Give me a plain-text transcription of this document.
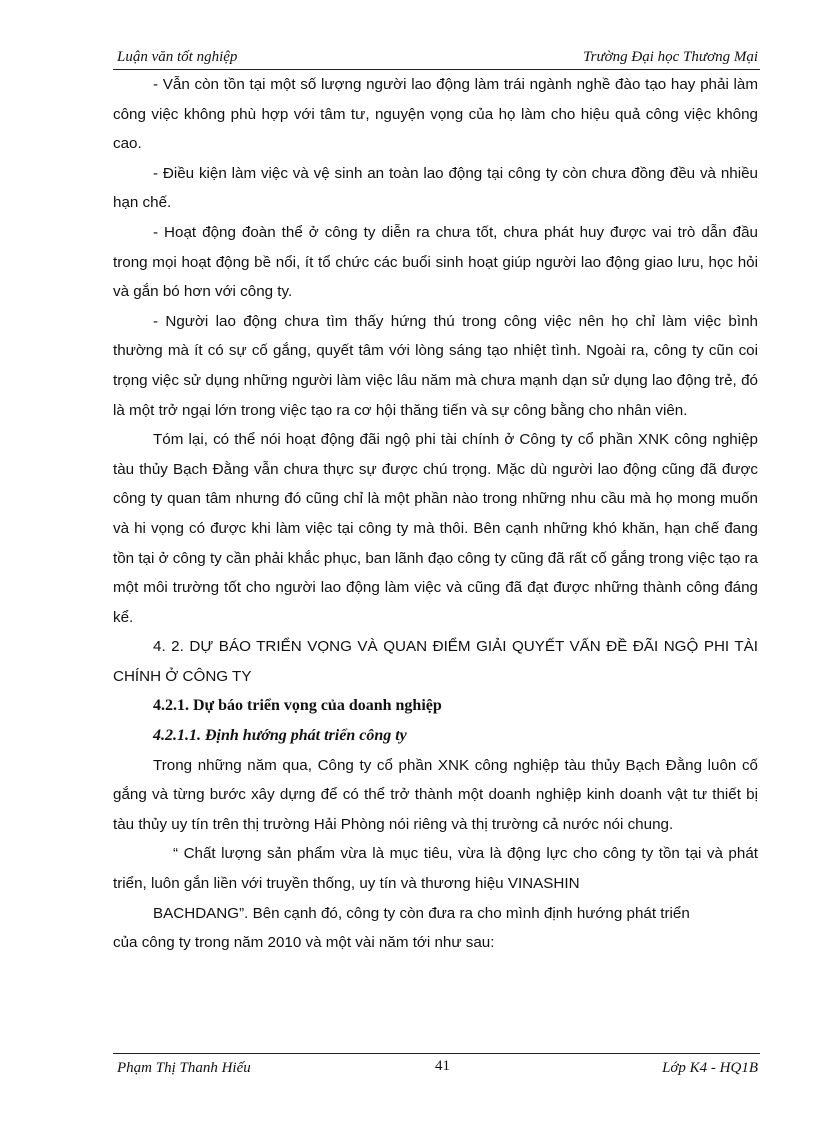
Luận văn tốt nghiệp	Trường Đại học Thương Mại

- Vẫn còn tồn tại một số lượng người lao động làm trái ngành nghề đào tạo hay phải làm công việc không phù hợp với tâm tư, nguyện vọng của họ làm cho hiệu quả công việc không cao.

- Điều kiện làm việc và vệ sinh an toàn lao động tại công ty còn chưa đồng đều và nhiều hạn chế.

- Hoạt động đoàn thể ở công ty diễn ra chưa tốt, chưa phát huy được vai trò dẫn đầu trong mọi hoạt động bề nổi, ít tổ chức các buổi sinh hoạt giúp người lao động giao lưu, học hỏi và gắn bó hơn với công ty.

- Người lao động chưa tìm thấy hứng thú trong công việc nên họ chỉ làm việc bình thường mà ít có sự cố gắng, quyết tâm với lòng sáng tạo nhiệt tình. Ngoài ra, công ty cũn coi trọng việc sử dụng những người làm việc lâu năm mà chưa mạnh dạn sử dụng lao động trẻ, đó là một trở ngại lớn trong việc tạo ra cơ hội thăng tiến và sự công bằng cho nhân viên.

Tóm lại, có thể nói hoạt động đãi ngộ phi tài chính ở Công ty cổ phần XNK công nghiệp tàu thủy Bạch Đằng vẫn chưa thực sự được chú trọng. Mặc dù người lao động cũng đã được công ty quan tâm nhưng đó cũng chỉ là một phần nào trong những nhu cầu mà họ mong muốn và hi vọng có được khi làm việc tại công ty mà thôi. Bên cạnh những khó khăn, hạn chế đang tồn tại ở công ty cần phải khắc phục, ban lãnh đạo công ty cũng đã rất cố gắng trong việc tạo ra một môi trường tốt cho người lao động làm việc và cũng đã đạt được những thành công đáng kể.

4. 2. DỰ BÁO TRIỂN VỌNG VÀ QUAN ĐIỂM GIẢI QUYẾT VẤN ĐỀ ĐÃI NGỘ PHI TÀI CHÍNH Ở CÔNG TY

4.2.1. Dự báo triển vọng của doanh nghiệp

4.2.1.1. Định hướng phát triển công ty

Trong những năm qua, Công ty cổ phần XNK công nghiệp tàu thủy Bạch Đằng luôn cố gắng và từng bước xây dựng để có thể trở thành một doanh nghiệp kinh doanh vật tư thiết bị tàu thủy uy tín trên thị trường Hải Phòng nói riêng và thị trường cả nước nói chung.

“ Chất lượng sản phẩm vừa là mục tiêu, vừa là động lực cho công ty tồn tại và phát triển, luôn gắn liền với truyền thống, uy tín và thương hiệu VINASHIN

BACHDANG”. Bên cạnh đó, công ty còn đưa ra cho mình định hướng phát triển

của công ty trong năm 2010 và một vài năm tới như sau:

Phạm Thị Thanh Hiếu	41	Lớp K4 - HQ1B
